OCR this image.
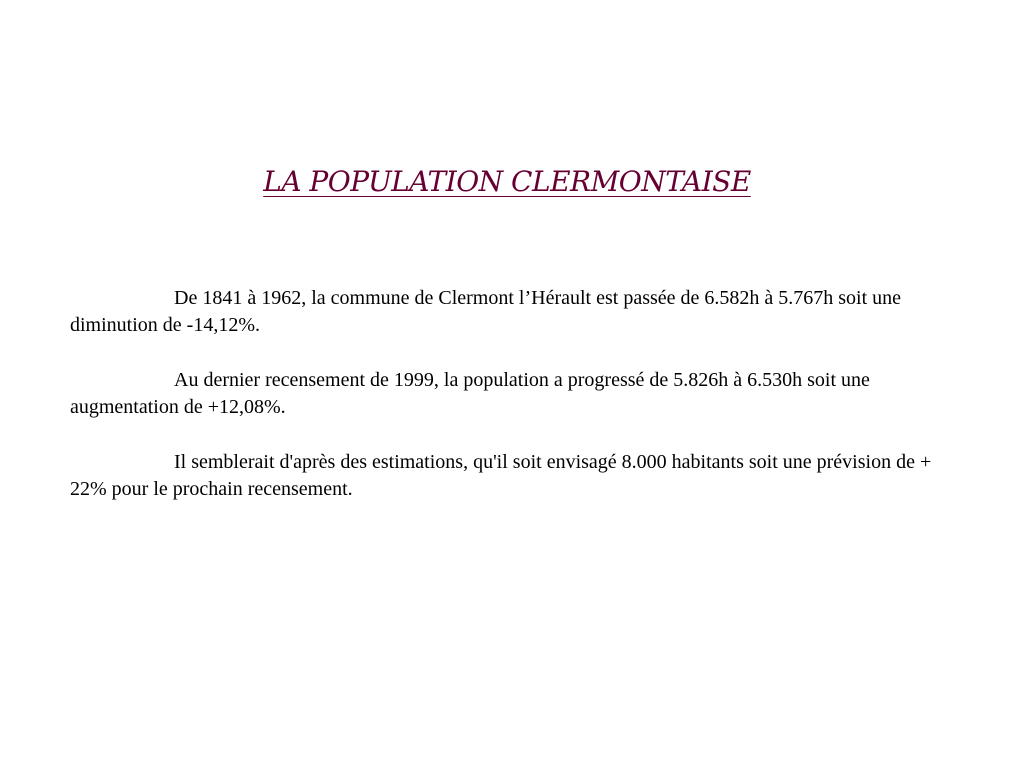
LA POPULATION CLERMONTAISE

De 1841 à 1962, la commune de Clermont l’Hérault est passée de 6.582h à 5.767h soit une diminution de -14,12%.

Au dernier recensement de 1999, la population a progressé de 5.826h à 6.530h soit une augmentation de +12,08%.

Il semblerait d'après des estimations, qu'il soit envisagé 8.000 habitants soit une prévision de + 22% pour le prochain recensement.
